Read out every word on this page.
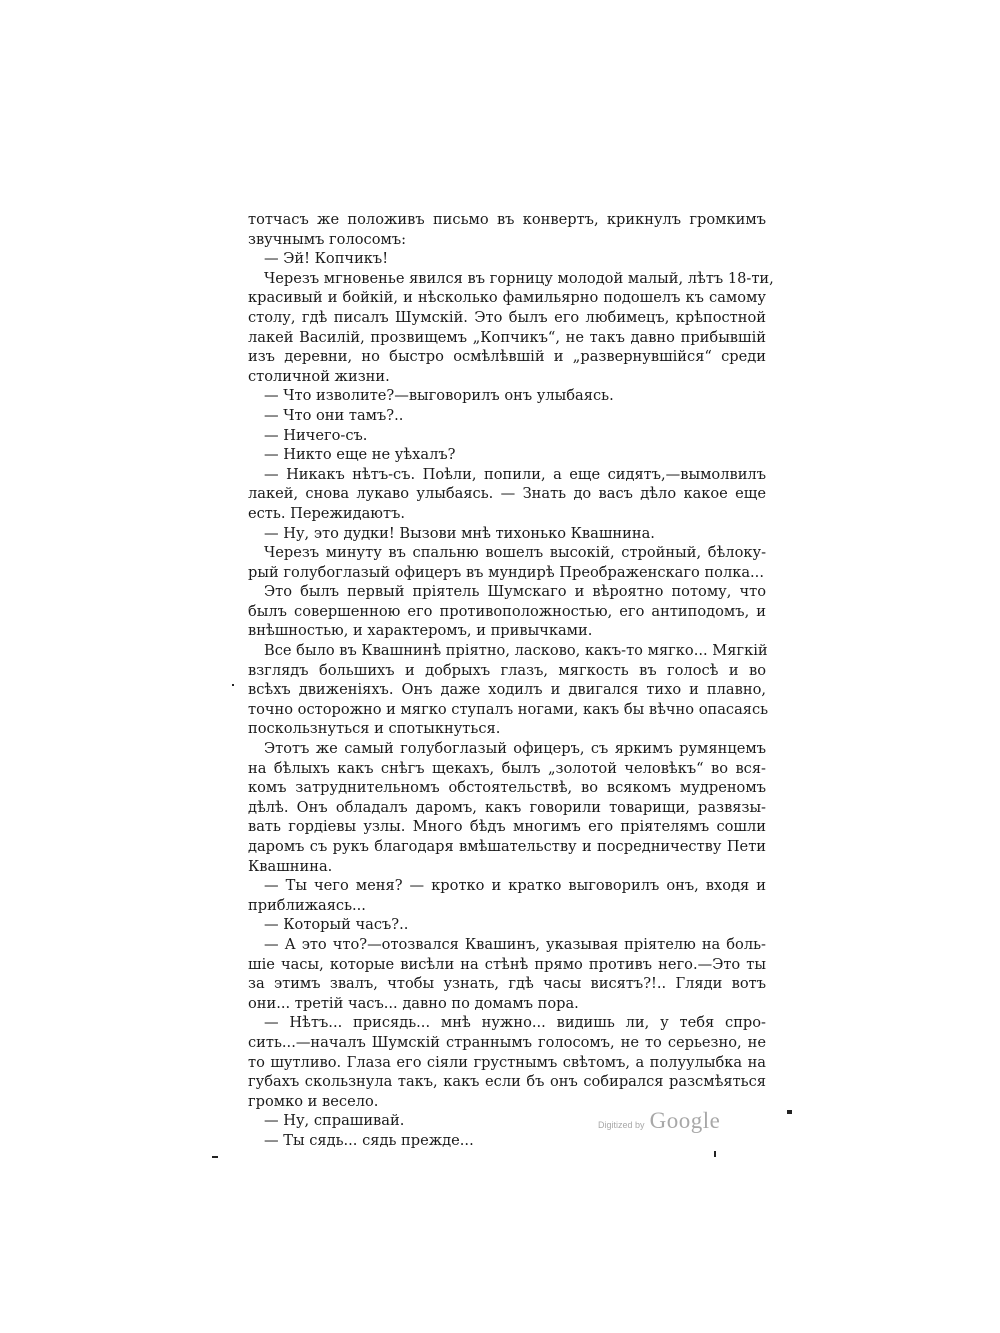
тотчасъ же положивъ письмо въ конвертъ, крикнулъ громкимъ
звучнымъ голосомъ:
— Эй! Копчикъ!
Черезъ мгновенье явился въ горницу молодой малый, лѣтъ 18-ти,
красивый и бойкій, и нѣсколько фамильярно подошелъ къ самому
столу, гдѣ писалъ Шумскій. Это былъ его любимецъ, крѣпостной
лакей Василій, прозвищемъ „Копчикъ“, не такъ давно прибывшій
изъ деревни, но быстро осмѣлѣвшій и „развернувшійся“ среди
столичной жизни.
— Что изволите?—выговорилъ онъ улыбаясь.
— Что они тамъ?..
— Ничего-съ.
— Никто еще не уѣхалъ?
— Никакъ нѣтъ-съ. Поѣли, попили, а еще сидятъ,—вымолвилъ
лакей, снова лукаво улыбаясь. — Знать до васъ дѣло какое еще
есть. Пережидаютъ.
— Ну, это дудки! Вызови мнѣ тихонько Квашнина.
Черезъ минуту въ спальню вошелъ высокій, стройный, бѣлоку-
рый голубоглазый офицеръ въ мундирѣ Преображенскаго полка...
Это былъ первый пріятель Шумскаго и вѣроятно потому, что
былъ совершенною его противоположностью, его антиподомъ, и
внѣшностью, и характеромъ, и привычками.
Все было въ Квашнинѣ пріятно, ласково, какъ-то мягко... Мягкій
взглядъ большихъ и добрыхъ глазъ, мягкость въ голосѣ и во
всѣхъ движеніяхъ. Онъ даже ходилъ и двигался тихо и плавно,
точно осторожно и мягко ступалъ ногами, какъ бы вѣчно опасаясь
поскользнуться и спотыкнуться.
Этотъ же самый голубоглазый офицеръ, съ яркимъ румянцемъ
на бѣлыхъ какъ снѣгъ щекахъ, былъ „золотой человѣкъ“ во вся-
комъ затруднительномъ обстоятельствѣ, во всякомъ мудреномъ
дѣлѣ. Онъ обладалъ даромъ, какъ говорили товарищи, развязы-
вать гордіевы узлы. Много бѣдъ многимъ его пріятелямъ сошли
даромъ съ рукъ благодаря вмѣшательству и посредничеству Пети
Квашнина.
— Ты чего меня? — кротко и кратко выговорилъ онъ, входя и
приближаясь...
— Который часъ?..
— А это что?—отозвался Квашинъ, указывая пріятелю на боль-
шіе часы, которые висѣли на стѣнѣ прямо противъ него.—Это ты
за этимъ звалъ, чтобы узнать, гдѣ часы висятъ?!.. Гляди вотъ
они... третій часъ... давно по домамъ пора.
— Нѣтъ... присядь... мнѣ нужно... видишь ли, у тебя спро-
сить...—началъ Шумскій страннымъ голосомъ, не то серьезно, не
то шутливо. Глаза его сіяли грустнымъ свѣтомъ, а полуулыбка на
губахъ скользнула такъ, какъ если бъ онъ собирался разсмѣяться
громко и весело.
— Ну, спрашивай.
— Ты сядь... сядь прежде...
Digitized by Google
